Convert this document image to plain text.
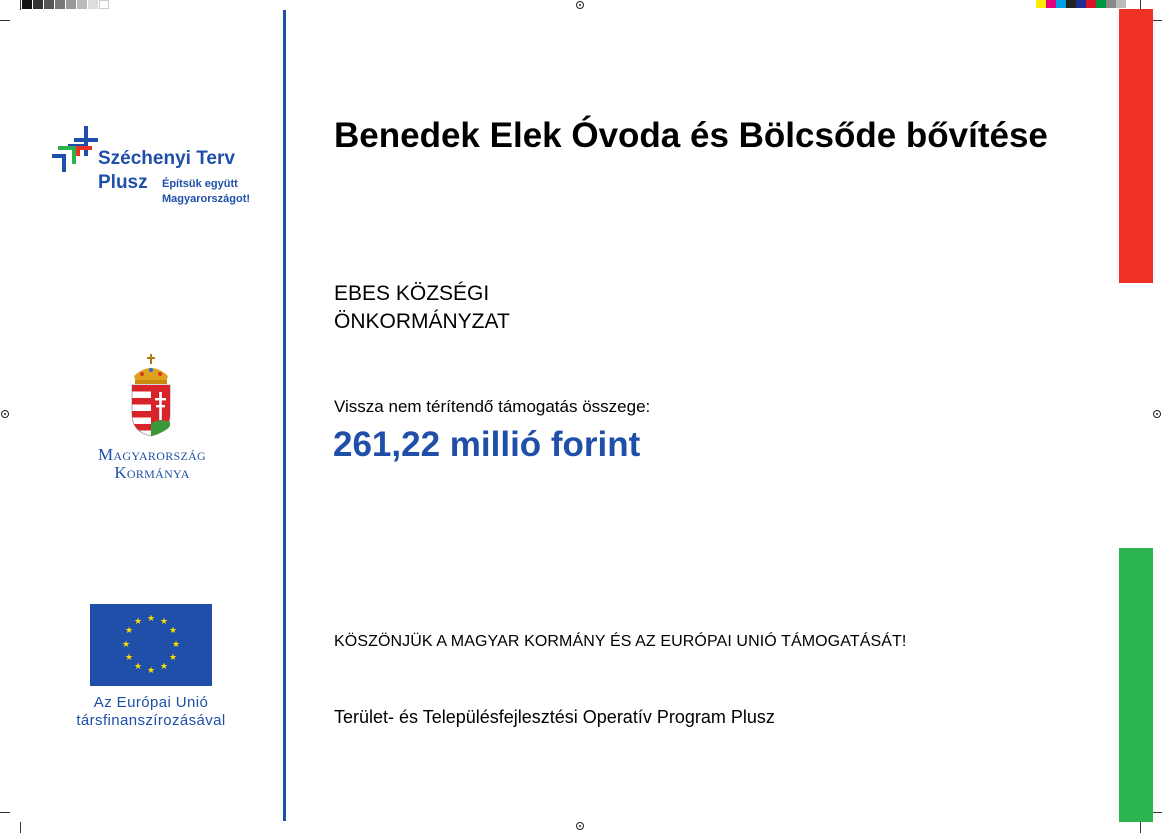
Széchenyi Terv
Plusz Építsük együtt
Magyarországot!
Magyarország
Kormánya
★ ★
★
★
★
★
★
★
★
★
★
★
Az Európai Unió
társfinanszírozásával
Benedek Elek Óvoda és Bölcsőde bővítése
EBES KÖZSÉGI
ÖNKORMÁNYZAT
Vissza nem térítendő támogatás összege:
261,22 millió forint
KÖSZÖNJÜK A MAGYAR KORMÁNY ÉS AZ EURÓPAI UNIÓ TÁMOGATÁSÁT!
Terület- és Településfejlesztési Operatív Program Plusz
